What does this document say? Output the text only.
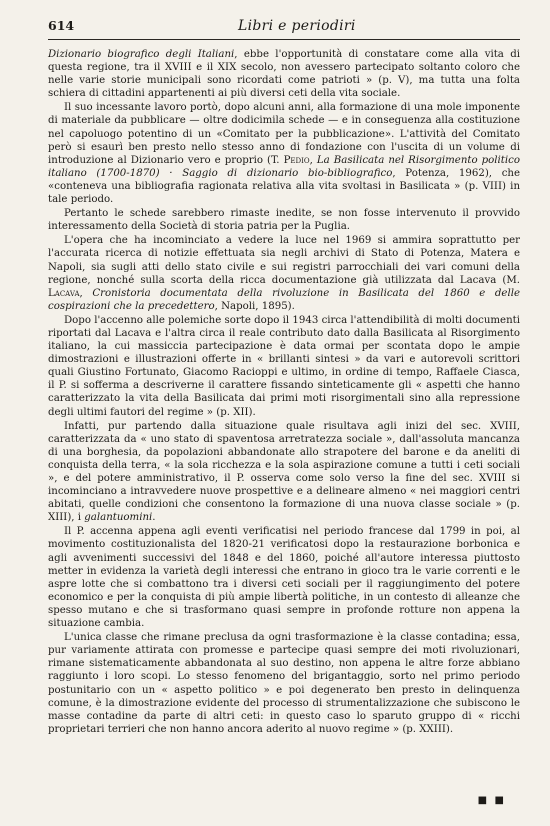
614	Libri e periodiri

Dizionario biografico degli Italiani, ebbe l'opportunità di constatare come alla vita di questa regione, tra il XVIII e il XIX secolo, non avessero partecipato soltanto coloro che nelle varie storie municipali sono ricordati come patrioti » (p. V), ma tutta una folta schiera di cittadini appartenenti ai più diversi ceti della vita sociale.

Il suo incessante lavoro portò, dopo alcuni anni, alla formazione di una mole imponente di materiale da pubblicare — oltre dodicimila schede — e in conseguenza alla costituzione nel capoluogo potentino di un «Comitato per la pubblicazione». L'attività del Comitato però si esaurì ben presto nello stesso anno di fondazione con l'uscita di un volume di introduzione al Dizionario vero e proprio (T. Pedio, La Basilicata nel Risorgimento politico italiano (1700-1870) · Saggio di dizionario bio-bibliografico, Potenza, 1962), che «conteneva una bibliografia ragionata relativa alla vita svoltasi in Basilicata » (p. VIII) in tale periodo.

Pertanto le schede sarebbero rimaste inedite, se non fosse intervenuto il provvido interessamento della Società di storia patria per la Puglia.

L'opera che ha incominciato a vedere la luce nel 1969 si ammira soprattutto per l'accurata ricerca di notizie effettuata sia negli archivi di Stato di Potenza, Matera e Napoli, sia sugli atti dello stato civile e sui registri parrocchiali dei vari comuni della regione, nonché sulla scorta della ricca documentazione già utilizzata dal Lacava (M. Lacava, Cronistoria documentata della rivoluzione in Basilicata del 1860 e delle cospirazioni che la precedettero, Napoli, 1895).

Dopo l'accenno alle polemiche sorte dopo il 1943 circa l'attendibilità di molti documenti riportati dal Lacava e l'altra circa il reale contributo dato dalla Basilicata al Risorgimento italiano, la cui massiccia partecipazione è data ormai per scontata dopo le ampie dimostrazioni e illustrazioni offerte in « brillanti sintesi » da vari e autorevoli scrittori quali Giustino Fortunato, Giacomo Racioppi e ultimo, in ordine di tempo, Raffaele Ciasca, il P. si sofferma a descriverne il carattere fissando sinteticamente gli « aspetti che hanno caratterizzato la vita della Basilicata dai primi moti risorgimentali sino alla repressione degli ultimi fautori del regime » (p. XII).

Infatti, pur partendo dalla situazione quale risultava agli inizi del sec. XVIII, caratterizzata da « uno stato di spaventosa arretratezza sociale », dall'assoluta mancanza di una borghesia, da popolazioni abbandonate allo strapotere del barone e da aneliti di conquista della terra, « la sola ricchezza e la sola aspirazione comune a tutti i ceti sociali », e del potere amministrativo, il P. osserva come solo verso la fine del sec. XVIII si incominciano a intravvedere nuove prospettive e a delineare almeno « nei maggiori centri abitati, quelle condizioni che consentono la formazione di una nuova classe sociale » (p. XIII), i galantuomini.

Il P. accenna appena agli eventi verificatisi nel periodo francese dal 1799 in poi, al movimento costituzionalista del 1820-21 verificatosi dopo la restaurazione borbonica e agli avvenimenti successivi del 1848 e del 1860, poiché all'autore interessa piuttosto metter in evidenza la varietà degli interessi che entrano in gioco tra le varie correnti e le aspre lotte che si combattono tra i diversi ceti sociali per il raggiungimento del potere economico e per la conquista di più ampie libertà politiche, in un contesto di alleanze che spesso mutano e che si trasformano quasi sempre in profonde rotture non appena la situazione cambia.

L'unica classe che rimane preclusa da ogni trasformazione è la classe contadina; essa, pur variamente attirata con promesse e partecipe quasi sempre dei moti rivoluzionari, rimane sistematicamente abbandonata al suo destino, non appena le altre forze abbiano raggiunto i loro scopi. Lo stesso fenomeno del brigantaggio, sorto nel primo periodo postunitario con un « aspetto politico » e poi degenerato ben presto in delinquenza comune, è la dimostrazione evidente del processo di strumentalizzazione che subiscono le masse contadine da parte di altri ceti: in questo caso lo sparuto gruppo di « ricchi proprietari terrieri che non hanno ancora aderito al nuovo regime » (p. XXIII).

■ ■
